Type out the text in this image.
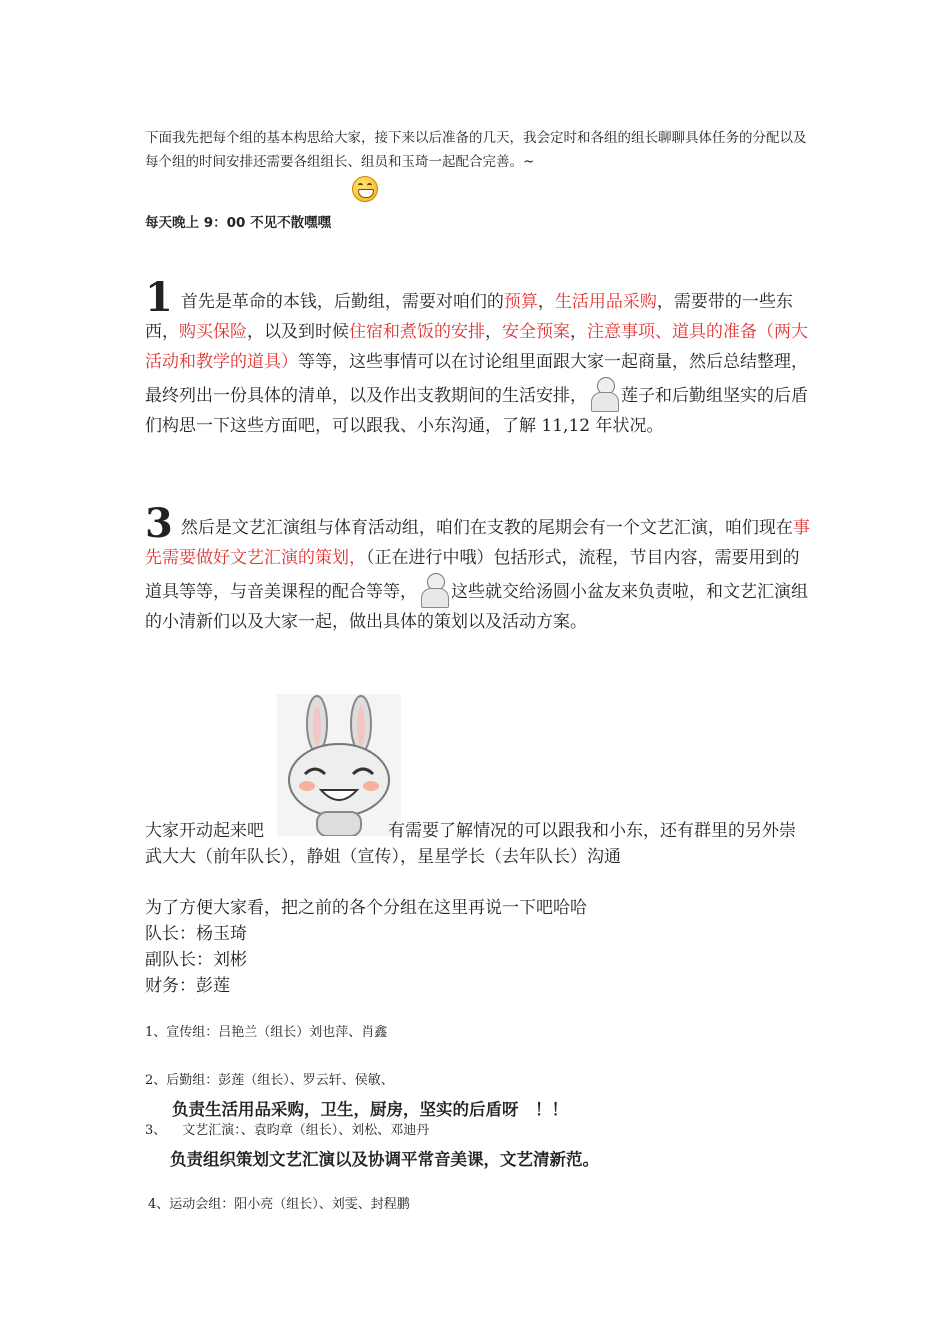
下面我先把每个组的基本构思给大家，接下来以后准备的几天，我会定时和各组的组长聊聊具体任务的分配以及每个组的时间安排还需要各组组长、组员和玉琦一起配合完善。~
每天晚上 9：00 不见不散嘿嘿
1 首先是革命的本钱，后勤组，需要对咱们的预算，生活用品采购，需要带的一些东西，购买保险，以及到时候住宿和煮饭的安排，安全预案，注意事项、道具的准备（两大活动和教学的道具）等等，这些事情可以在讨论组里面跟大家一起商量，然后总结整理，最终列出一份具体的清单，以及作出支教期间的生活安排， 莲子和后勤组坚实的后盾们构思一下这些方面吧，可以跟我、小东沟通，了解 11,12 年状况。
3 然后是文艺汇演组与体育活动组，咱们在支教的尾期会有一个文艺汇演，咱们现在事先需要做好文艺汇演的策划，（正在进行中哦）包括形式，流程，节目内容，需要用到的道具等等，与音美课程的配合等等， 这些就交给汤圆小盆友来负责啦，和文艺汇演组的小清新们以及大家一起，做出具体的策划以及活动方案。
大家开动起来吧	有需要了解情况的可以跟我和小东，还有群里的另外崇武大大（前年队长），静姐（宣传），星星学长（去年队长）沟通
为了方便大家看，把之前的各个分组在这里再说一下吧哈哈
队长：杨玉琦
副队长：刘彬
财务：彭莲
1、宣传组：吕艳兰（组长）刘也萍、肖鑫
2、后勤组：彭莲（组长）、罗云轩、侯敏、
负责生活用品采购，卫生，厨房，坚实的后盾呀　！！
3、 文艺汇演：、袁昀章（组长）、刘松、邓迪丹
负责组织策划文艺汇演以及协调平常音美课，文艺清新范。
4、运动会组：阳小亮（组长）、刘雯、封程鹏
